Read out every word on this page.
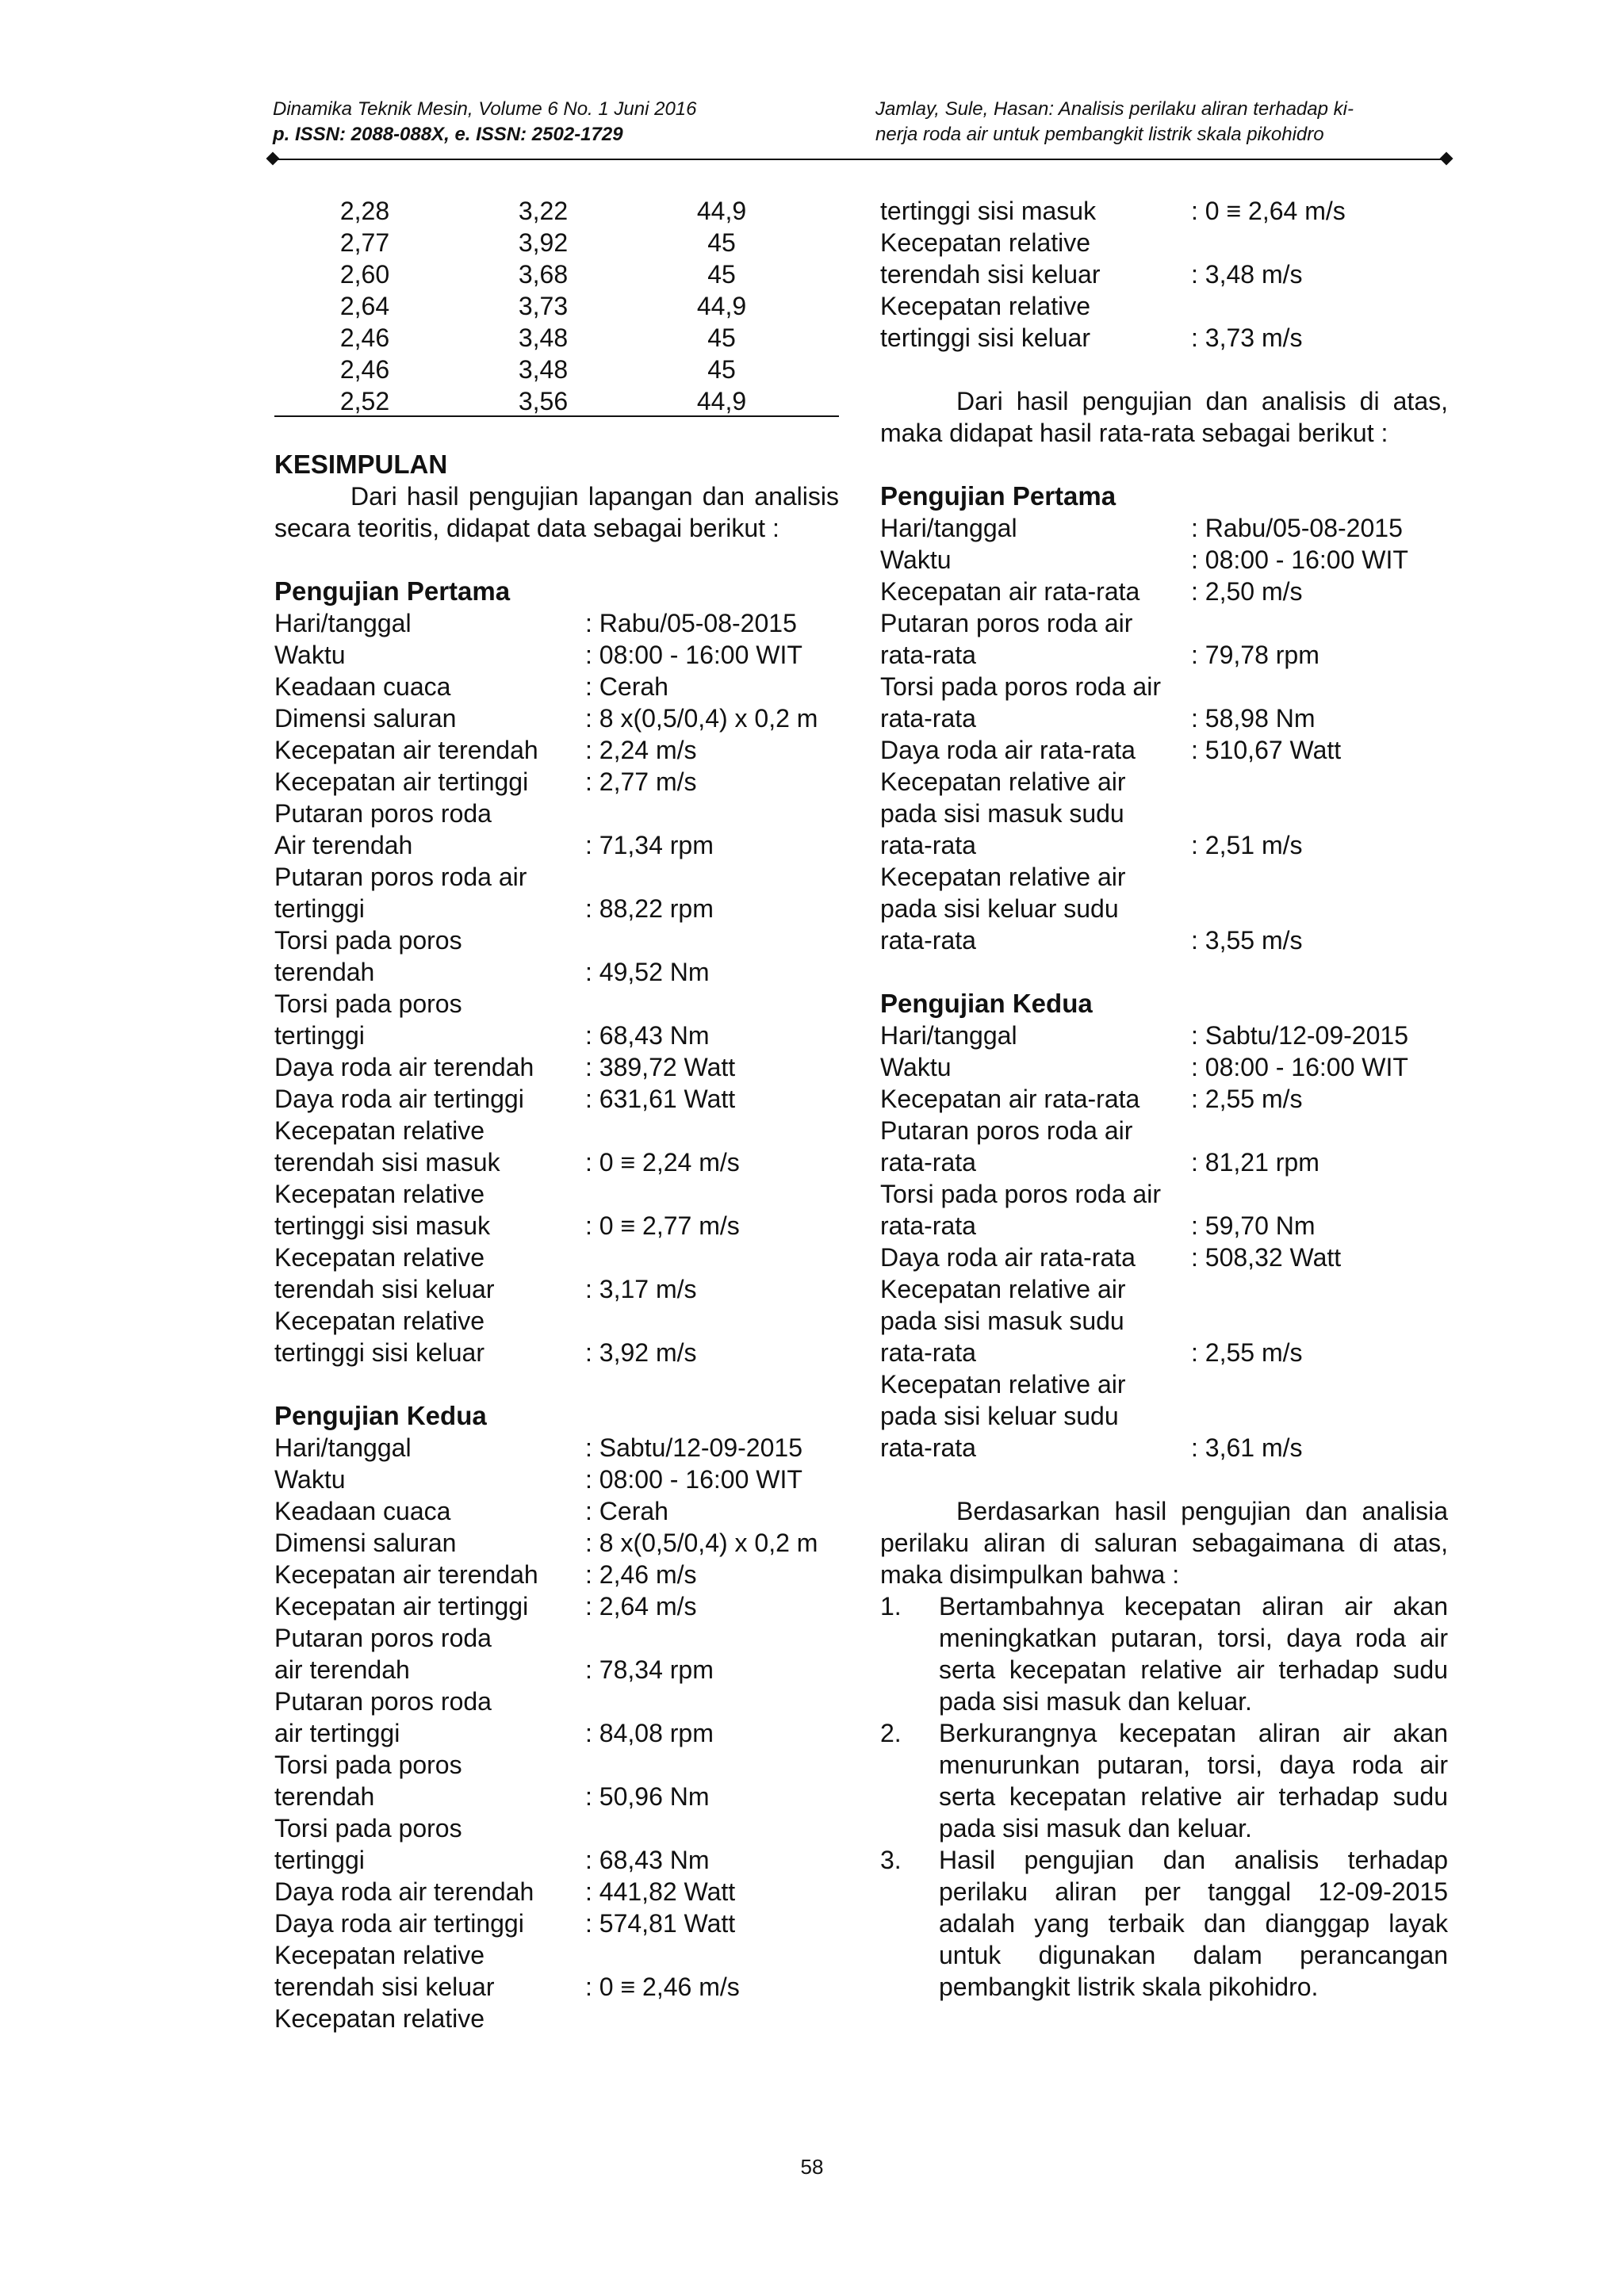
Dinamika Teknik Mesin, Volume 6 No. 1 Juni 2016
p. ISSN: 2088-088X, e. ISSN: 2502-1729
Jamlay, Sule, Hasan: Analisis perilaku aliran terhadap ki-
nerja roda air untuk pembangkit listrik skala pikohidro
2,28	3,22	44,9
2,77	3,92	45
2,60	3,68	45
2,64	3,73	44,9
2,46	3,48	45
2,46	3,48	45
2,52	3,56	44,9
KESIMPULAN
Dari hasil pengujian lapangan dan analisis secara teoritis, didapat data sebagai berikut :
Pengujian Pertama
Hari/tanggal	: Rabu/05-08-2015
Waktu	: 08:00 - 16:00 WIT
Keadaan cuaca	: Cerah
Dimensi saluran	: 8 x(0,5/0,4) x 0,2 m
Kecepatan air terendah	: 2,24 m/s
Kecepatan air tertinggi	: 2,77 m/s
Putaran poros roda
Air terendah	: 71,34 rpm
Putaran poros roda air
tertinggi	: 88,22 rpm
Torsi pada poros
terendah	: 49,52 Nm
Torsi pada poros
tertinggi	: 68,43 Nm
Daya roda air terendah	: 389,72 Watt
Daya roda air tertinggi	: 631,61 Watt
Kecepatan relative
terendah sisi masuk	: 0 ≡ 2,24 m/s
Kecepatan relative
tertinggi sisi masuk	: 0 ≡ 2,77 m/s
Kecepatan relative
terendah sisi keluar	: 3,17 m/s
Kecepatan relative
tertinggi sisi keluar	: 3,92 m/s
Pengujian Kedua
Hari/tanggal	: Sabtu/12-09-2015
Waktu	: 08:00 - 16:00 WIT
Keadaan cuaca	: Cerah
Dimensi saluran	: 8 x(0,5/0,4) x 0,2 m
Kecepatan air terendah	: 2,46 m/s
Kecepatan air tertinggi	: 2,64 m/s
Putaran poros roda
air terendah	: 78,34 rpm
Putaran poros roda
air tertinggi	: 84,08 rpm
Torsi pada poros
terendah	: 50,96 Nm
Torsi pada poros
tertinggi	: 68,43 Nm
Daya roda air terendah	: 441,82 Watt
Daya roda air tertinggi	: 574,81 Watt
Kecepatan relative
terendah sisi keluar	: 0 ≡ 2,46 m/s
Kecepatan relative
tertinggi sisi masuk	: 0 ≡ 2,64 m/s
Kecepatan relative
terendah sisi keluar	: 3,48 m/s
Kecepatan relative
tertinggi sisi keluar	: 3,73 m/s
Dari hasil pengujian dan analisis di atas, maka didapat hasil rata-rata sebagai berikut :
Pengujian Pertama
Hari/tanggal	: Rabu/05-08-2015
Waktu	: 08:00 - 16:00 WIT
Kecepatan air rata-rata	: 2,50 m/s
Putaran poros roda air
rata-rata	: 79,78 rpm
Torsi pada poros roda air
rata-rata	: 58,98 Nm
Daya roda air rata-rata	: 510,67 Watt
Kecepatan relative air
pada sisi masuk sudu
rata-rata	: 2,51 m/s
Kecepatan relative air
pada sisi keluar sudu
rata-rata	: 3,55 m/s
Pengujian Kedua
Hari/tanggal	: Sabtu/12-09-2015
Waktu	: 08:00 - 16:00 WIT
Kecepatan air rata-rata	: 2,55 m/s
Putaran poros roda air
rata-rata	: 81,21 rpm
Torsi pada poros roda air
rata-rata	: 59,70 Nm
Daya roda air rata-rata	: 508,32 Watt
Kecepatan relative air
pada sisi masuk sudu
rata-rata	: 2,55 m/s
Kecepatan relative air
pada sisi keluar sudu
rata-rata	: 3,61 m/s
Berdasarkan hasil pengujian dan analisia perilaku aliran di saluran sebagaimana di atas, maka disimpulkan bahwa :
1.	Bertambahnya kecepatan aliran air akan meningkatkan putaran, torsi, daya roda air serta kecepatan relative air terhadap sudu pada sisi masuk dan keluar.
2.	Berkurangnya kecepatan aliran air akan menurunkan putaran, torsi, daya roda air serta kecepatan relative air terhadap sudu pada sisi masuk dan keluar.
3.	Hasil pengujian dan analisis terhadap perilaku aliran per tanggal 12-09-2015 adalah yang terbaik dan dianggap layak untuk digunakan dalam perancangan pembangkit listrik skala pikohidro.
58
